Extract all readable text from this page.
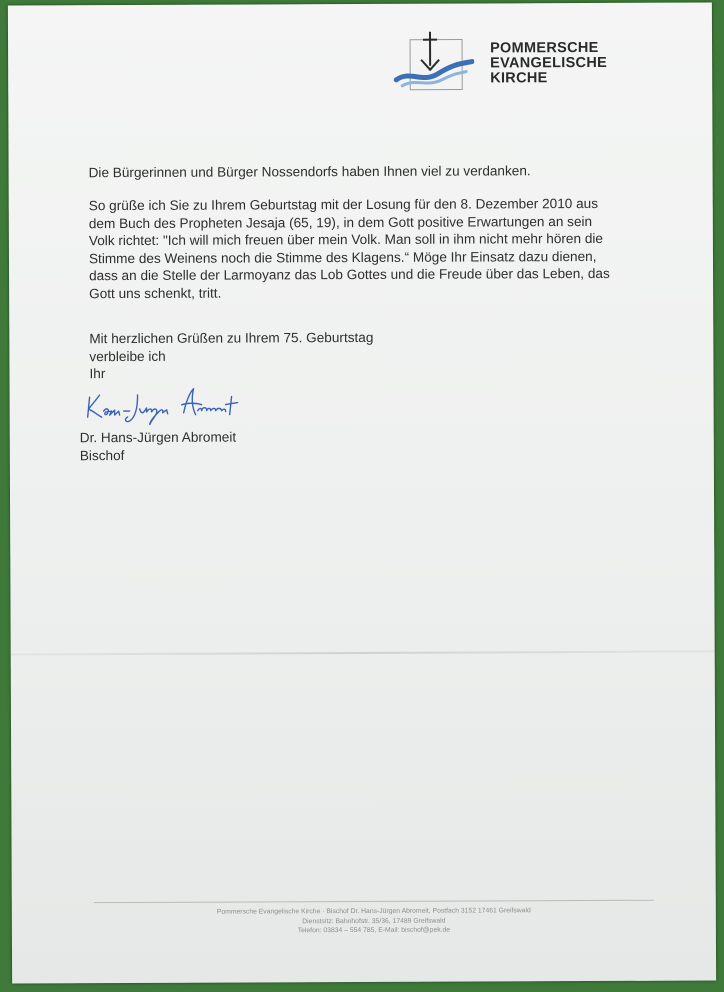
POMMERSCHE
EVANGELISCHE
KIRCHE
Die Bürgerinnen und Bürger Nossendorfs haben Ihnen viel zu verdanken.
So grüße ich Sie zu Ihrem Geburtstag mit der Losung für den 8. Dezember 2010 aus
dem Buch des Propheten Jesaja (65, 19), in dem Gott positive Erwartungen an sein
Volk richtet: "Ich will mich freuen über mein Volk. Man soll in ihm nicht mehr hören die
Stimme des Weinens noch die Stimme des Klagens.“ Möge Ihr Einsatz dazu dienen,
dass an die Stelle der Larmoyanz das Lob Gottes und die Freude über das Leben, das
Gott uns schenkt, tritt.
Mit herzlichen Grüßen zu Ihrem 75. Geburtstag
verbleibe ich
Ihr
Dr. Hans-Jürgen Abromeit
Bischof
Pommersche Evangelische Kirche · Bischof Dr. Hans-Jürgen Abromeit, Postfach 3152 17461 Greifswald
Dienstsitz: Bahnhofstr. 35/36, 17489 Greifswald
Telefon: 03834 – 554 785, E-Mail: bischof@pek.de
